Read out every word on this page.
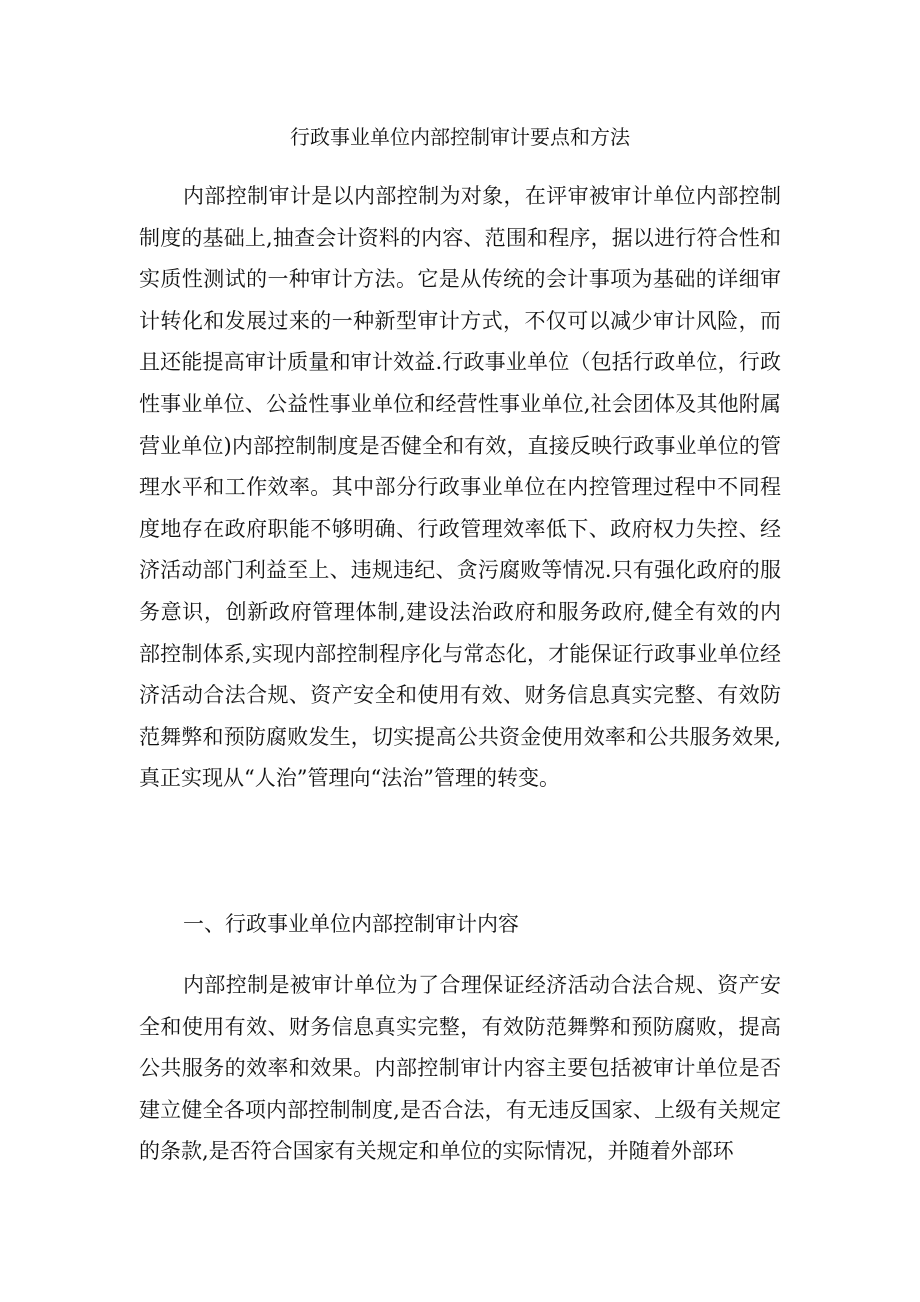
行政事业单位内部控制审计要点和方法

内部控制审计是以内部控制为对象，在评审被审计单位内部控制制度的基础上,抽查会计资料的内容、范围和程序，据以进行符合性和实质性测试的一种审计方法。它是从传统的会计事项为基础的详细审计转化和发展过来的一种新型审计方式，不仅可以减少审计风险，而且还能提高审计质量和审计效益.行政事业单位（包括行政单位，行政性事业单位、公益性事业单位和经营性事业单位,社会团体及其他附属营业单位)内部控制制度是否健全和有效，直接反映行政事业单位的管理水平和工作效率。其中部分行政事业单位在内控管理过程中不同程度地存在政府职能不够明确、行政管理效率低下、政府权力失控、经济活动部门利益至上、违规违纪、贪污腐败等情况.只有强化政府的服务意识，创新政府管理体制,建设法治政府和服务政府,健全有效的内部控制体系,实现内部控制程序化与常态化，才能保证行政事业单位经济活动合法合规、资产安全和使用有效、财务信息真实完整、有效防范舞弊和预防腐败发生，切实提高公共资金使用效率和公共服务效果,真正实现从“人治”管理向“法治”管理的转变。

一、行政事业单位内部控制审计内容

内部控制是被审计单位为了合理保证经济活动合法合规、资产安全和使用有效、财务信息真实完整，有效防范舞弊和预防腐败，提高公共服务的效率和效果。内部控制审计内容主要包括被审计单位是否建立健全各项内部控制制度,是否合法，有无违反国家、上级有关规定的条款,是否符合国家有关规定和单位的实际情况，并随着外部环
